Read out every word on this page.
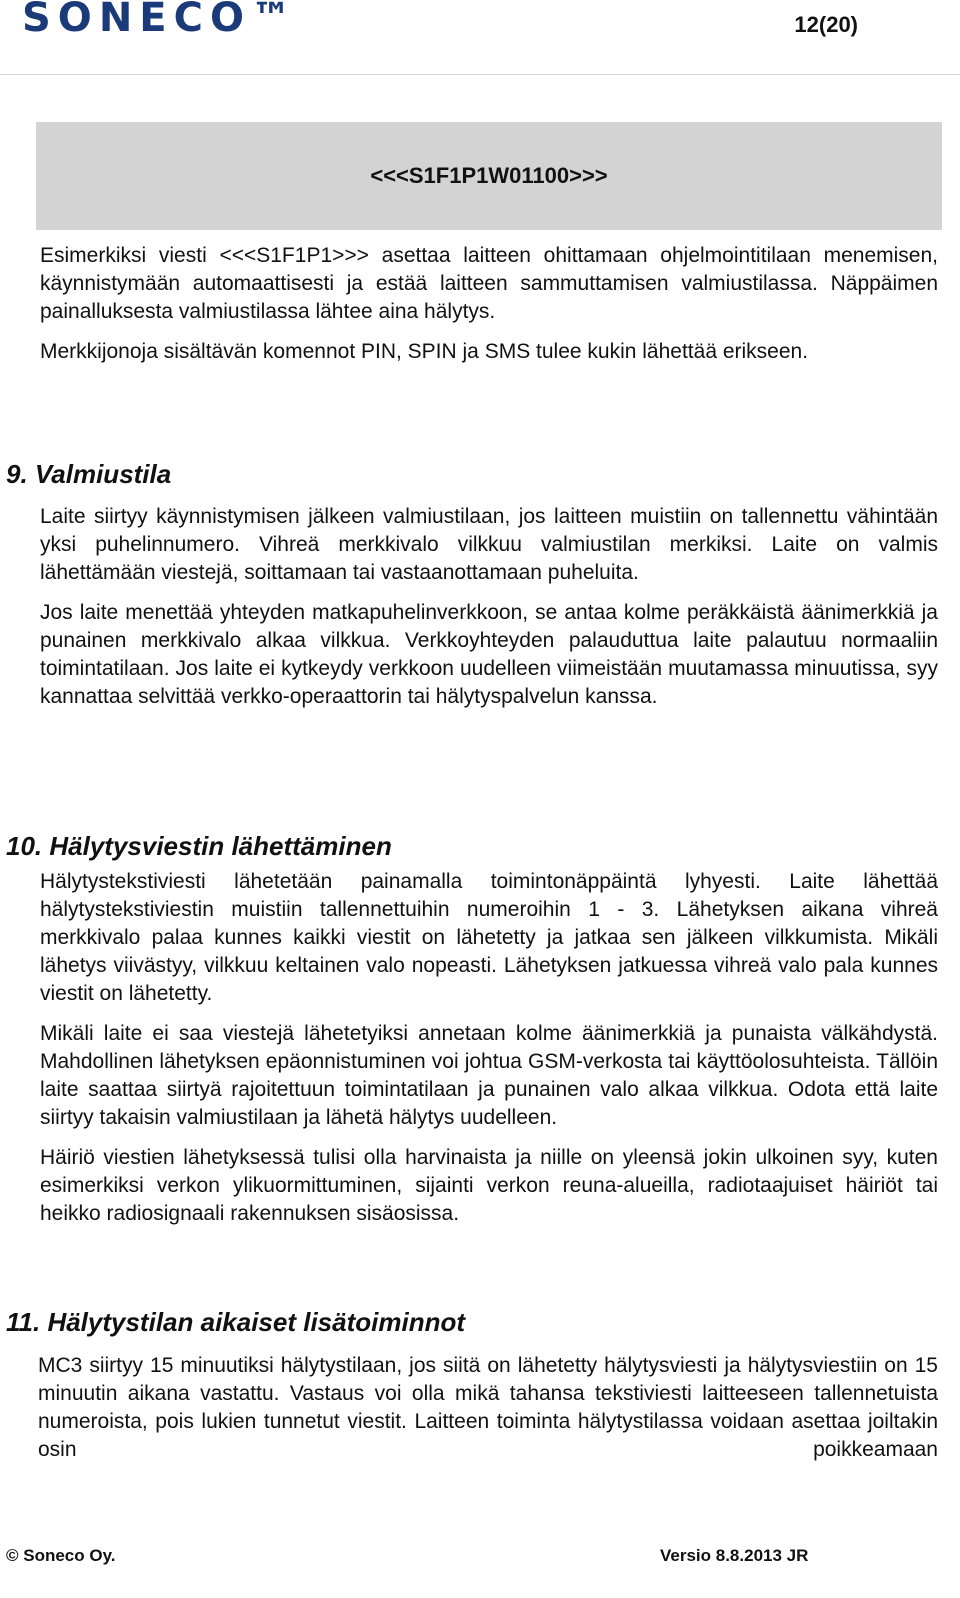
SONECO™	12(20)
<<<S1F1P1W01100>>>

Esimerkiksi viesti <<<S1F1P1>>> asettaa laitteen ohittamaan ohjelmointitilaan menemisen, käynnistymään automaattisesti ja estää laitteen sammuttamisen valmiustilassa. Näppäimen painalluksesta valmiustilassa lähtee aina hälytys.

Merkkijonoja sisältävän komennot PIN, SPIN ja SMS tulee kukin lähettää erikseen.

9. Valmiustila

Laite siirtyy käynnistymisen jälkeen valmiustilaan, jos laitteen muistiin on tallennettu vähintään yksi puhelinnumero. Vihreä merkkivalo vilkkuu valmiustilan merkiksi. Laite on valmis lähettämään viestejä, soittamaan tai vastaanottamaan puheluita.

Jos laite menettää yhteyden matkapuhelinverkkoon, se antaa kolme peräkkäistä äänimerkkiä ja punainen merkkivalo alkaa vilkkua. Verkkoyhteyden palauduttua laite palautuu normaaliin toimintatilaan. Jos laite ei kytkeydy verkkoon uudelleen viimeistään muutamassa minuutissa, syy kannattaa selvittää verkko-operaattorin tai hälytyspalvelun kanssa.

10. Hälytysviestin lähettäminen

Hälytystekstiviesti lähetetään painamalla toimintonäppäintä lyhyesti. Laite lähettää hälytystekstiviestin muistiin tallennettuihin numeroihin 1 - 3. Lähetyksen aikana vihreä merkkivalo palaa kunnes kaikki viestit on lähetetty ja jatkaa sen jälkeen vilkkumista. Mikäli lähetys viivästyy, vilkkuu keltainen valo nopeasti. Lähetyksen jatkuessa vihreä valo pala kunnes viestit on lähetetty.

Mikäli laite ei saa viestejä lähetetyiksi annetaan kolme äänimerkkiä ja punaista välkähdystä. Mahdollinen lähetyksen epäonnistuminen voi johtua GSM-verkosta tai käyttöolosuhteista. Tällöin laite saattaa siirtyä rajoitettuun toimintatilaan ja punainen valo alkaa vilkkua. Odota että laite siirtyy takaisin valmiustilaan ja lähetä hälytys uudelleen.

Häiriö viestien lähetyksessä tulisi olla harvinaista ja niille on yleensä jokin ulkoinen syy, kuten esimerkiksi verkon ylikuormittuminen, sijainti verkon reuna-alueilla, radiotaajuiset häiriöt tai heikko radiosignaali rakennuksen sisäosissa.

11. Hälytystilan aikaiset lisätoiminnot

MC3 siirtyy 15 minuutiksi hälytystilaan, jos siitä on lähetetty hälytysviesti ja hälytysviestiin on 15 minuutin aikana vastattu. Vastaus voi olla mikä tahansa tekstiviesti laitteeseen tallennetuista numeroista, pois lukien tunnetut viestit. Laitteen toiminta hälytystilassa voidaan asettaa joiltakin osin poikkeamaan

© Soneco Oy.	Versio 8.8.2013 JR
